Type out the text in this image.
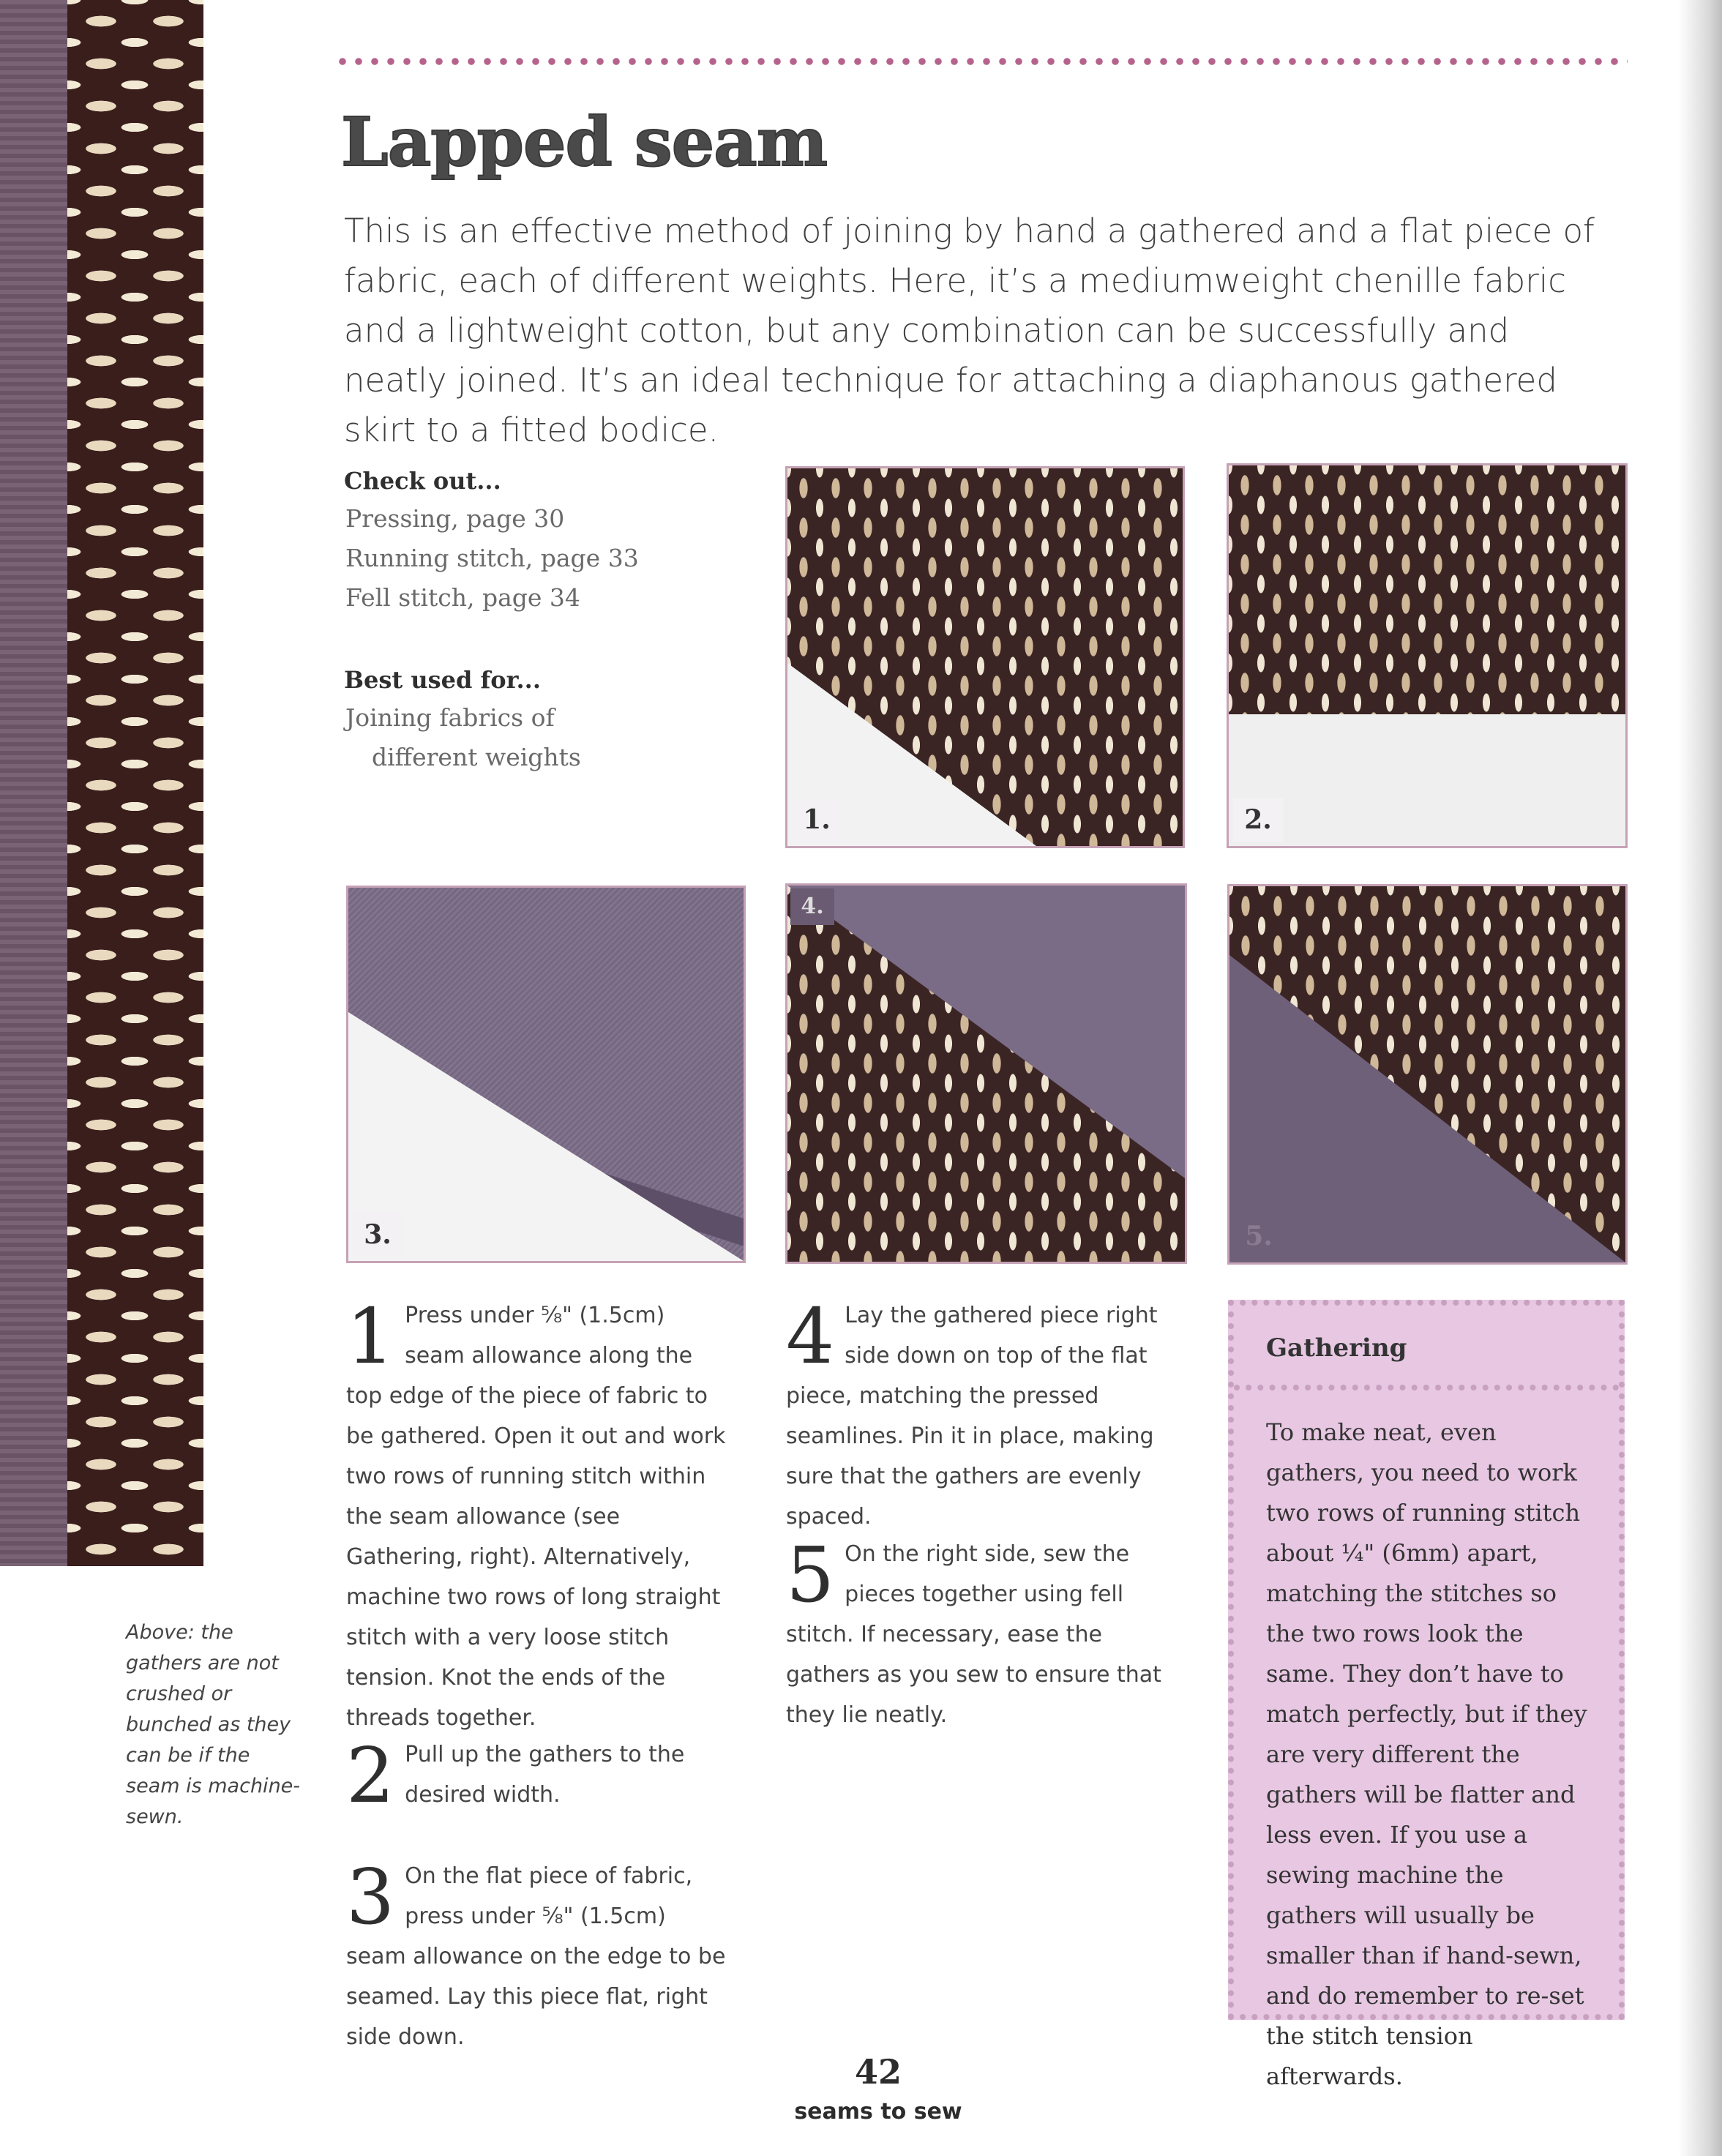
Lapped seam
This is an effective method of joining by hand a gathered and a flat piece of fabric, each of different weights. Here, it’s a mediumweight chenille fabric and a lightweight cotton, but any combination can be successfully and neatly joined. It’s an ideal technique for attaching a diaphanous gathered skirt to a fitted bodice.
Check out...
Pressing, page 30
Running stitch, page 33
Fell stitch, page 34
Best used for...
Joining fabrics of
different weights
1.	2.
3.
4.
5.
1 Press under ⅝" (1.5cm) seam allowance along the top edge of the piece of fabric to be gathered. Open it out and work two rows of running stitch within the seam allowance (see Gathering, right). Alternatively, machine two rows of long straight stitch with a very loose stitch tension. Knot the ends of the threads together.
2 Pull up the gathers to the desired width.
3 On the flat piece of fabric, press under ⅝" (1.5cm) seam allowance on the edge to be seamed. Lay this piece flat, right side down.
4 Lay the gathered piece right side down on top of the flat piece, matching the pressed seamlines. Pin it in place, making sure that the gathers are evenly spaced.
5 On the right side, sew the pieces together using fell stitch. If necessary, ease the gathers as you sew to ensure that they lie neatly.
Above: the gathers are not crushed or bunched as they can be if the seam is machine-sewn.
Gathering
To make neat, even gathers, you need to work two rows of running stitch about ¼" (6mm) apart, matching the stitches so the two rows look the same. They don’t have to match perfectly, but if they are very different the gathers will be flatter and less even. If you use a sewing machine the gathers will usually be smaller than if hand-sewn, and do remember to re-set the stitch tension afterwards.
42
seams to sew
